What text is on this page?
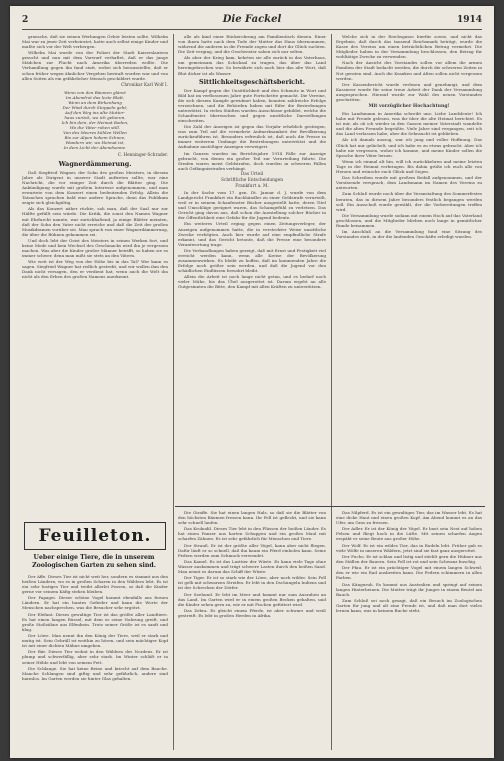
2	Die Fackel	1914

grausche, daß sie seinen Werbungen Gehör leisten sollte. Wilhelm Mai war zu jener Zeit verheiratet, hatte auch selbst einige Kinder und mußte sich vor der Welt verbergen.

Wilhelm Mai wurde von der Polizei der Stadt Kaiserslautern gesucht und nun mit dem Vorwurf verhaftet, daß er das junge Mädchen zur Flucht nach Amerika überreden wollte. Die Verhandlung gegen ihn fand statt, wobei sich herausstellte, daß er schon früher wegen ähnlicher Vergehen bestraft worden war und von allen Seiten als ein gefährlicher Mensch geschildert wurde.

Chronikar Karl Wolf I.
Wenn von den Bäumen glänzt
Im Abendrot das lezte Blatt,
Wenn an dem Birkenhang
Der Wind durch Stoppeln geht;
Auf den Weg ins alte Mutter-
haus zurück, wo ich geboren,
Ich bin dein, der Heimat Boden,
Wo die Väter ruhen still.
Von des Meeres kühlen Wellen
Bis zur Alpen hohem Schnee,
Wandern wir, wo Heimat ist,
In dem Licht der Abendsonne.
C. Henninger-Schrader.
Wagnerdämmerung.

Daß Siegfried Wagner, der Sohn des großen Meisters, in diesem Jahre als Dirigent in unserer Stadt auftreten sollte, war eine Nachricht, die vor einiger Zeit durch die Blätter ging. Die Ankündigung wurde mit großem Interesse aufgenommen, und man erwartete von dem Konzert einen bedeutenden Erfolg. Allein die Tatsachen sprachen bald eine andere Sprache, denn das Publikum zeigte sich gleichgültig.

Als das Konzert näher rückte, sah man, daß der Saal nur zur Hälfte gefüllt sein würde. Die Kritik, die sonst den Namen Wagner mit Ehrfurcht nannte, war zurückhaltend, ja einige Blätter meinten, daß der Sohn den Vater nicht erreiche und daß die Zeit der großen Musikdramen vorüber sei. Man sprach von einer Wagnerdämmerung, die über die Bühnen gekommen sei.

Und doch lebt der Geist des Meisters in seinen Werken fort, und keine Mode und kein Wechsel des Geschmacks wird ihn je vergessen machen. Was aber die Kinder großer Männer betrifft, so haben sie es immer schwer, denn man mißt sie stets an den Vätern.

Wie weit ist der Weg von der Höhe bis in das Tal? Wer kann es sagen. Siegfried Wagner hat redlich gestrebt, und wir wollen ihm den Dank nicht versagen, den er verdient hat, wenn auch die Welt ihn nicht als den Erben des großen Namens anerkennt.

alle als kind einer Rückerobrung am Familientisch dienen. Einer von ihnen hatte nach dem Tode der Mutter das Haus übernommen, während die anderen in die Fremde zogen und dort ihr Glück suchten. Die Zeit verging, und die Geschwister sahen sich nur selten.

Als aber der Krieg kam, kehrten sie alle zurück in das Vaterhaus, um gemeinsam das Schicksal zu tragen, das über das Land hereingebrochen war. So bewährte sich auch hier das alte Wort, daß Blut dicker ist als Wasser.

Sittlichkeitsgeschäftsbericht.

Der Kampf gegen die Unsittlichkeit und den Schmutz in Wort und Bild hat im verflossenen Jahre gute Fortschritte gemacht. Die Vereine, die sich diesem Kampfe gewidmet haben, konnten zahlreiche Erfolge verzeichnen, und die Behörden haben mit Eifer die Bestrebungen unterstützt. In vielen Städten wurden Ausschüsse gebildet, welche die Schaufenster überwachen und gegen unsittliche Darstellungen einschreiten.

Die Zahl der Anzeigen ist gegen das Vorjahr erheblich gestiegen, was zum Teil auf die vermehrte Aufmerksamkeit der Bevölkerung zurückzuführen ist. Besonders erfreulich ist, daß auch die Presse in immer weiterem Umfange die Bestrebungen unterstützt und die Aufnahme anstößiger Anzeigen verweigert.

Im Ganzen wurden im Berichtsjahre 1914 Fälle zur Anzeige gebracht, von denen ein großer Teil zur Verurteilung führte. Die Strafen waren meist Geldstrafen, doch wurden in schweren Fällen auch Gefängnisstrafen verhängt.

Das Urteil
Schriftliche Entscheidungen
Frankfurt a. M.

In der Sache vom 17. gen. Dt. Januar d. J. wurde von dem Landgericht Frankfurt ein Buchhändler zu einer Geldstrafe verurteilt, weil er in seinem Schaufenster Bücher ausgestellt hatte, deren Titel und Umschläge geeignet waren, das Schamgefühl zu verletzen. Das Gericht ging davon aus, daß schon die Ausstellung solcher Bücher in der Öffentlichkeit eine Gefahr für die Jugend bedeute.

Ein weiteres Urteil erging gegen einen Zeitungsverleger, der Anzeigen aufgenommen hatte, die in versteckter Weise unsittliche Zwecke verfolgten. Auch hier wurde auf eine empfindliche Strafe erkannt, und das Gericht betonte, daß die Presse eine besondere Verantwortung trage.

Die Verhandlungen haben gezeigt, daß mit Ernst und Festigkeit viel erreicht werden kann, wenn alle Kreise der Bevölkerung zusammenwirken. Es bleibt zu hoffen, daß im kommenden Jahre die Erfolge noch größer sein werden, und daß die Jugend vor den schädlichen Einflüssen bewahrt bleibt.

Allein die Arbeit ist noch lange nicht getan, und es bedarf noch vieler Mühe, bis das Übel ausgerottet ist. Darum ergeht an alle Gutgesinnten die Bitte, den Kampf mit allen Kräften zu unterstützen.

Welche sich in der Reichsgasse hierfür sowie, und nicht das Ergebnis, daß durch das tausend Reichsmark beträgt, wurde die Kasse des Vereins um einen beträchtlichen Betrag vermehrt. Die Mitglieder haben in der Versammlung beschlossen, den Betrag für wohltätige Zwecke zu verwenden.

Nach der Ansicht des Vorstandes sollen vor allem die armen Familien der Stadt bedacht werden, die durch die schweren Zeiten in Not geraten sind. Auch die Kranken und Alten sollen nicht vergessen werden.

Der Kassenbericht wurde verlesen und genehmigt, und dem Kassierer wurde für seine treue Arbeit der Dank der Versammlung ausgesprochen. Hierauf wurde zur Wahl des neuen Vorstandes geschritten.

Mit vorzüglicher Hochachtung!

Ein Landsmann in Amerika schreibt uns: Liebe Landsleute! Ich habe mit Freude gelesen, was ihr über die alte Heimat berichtet. Es ist mir, als ob ich wieder in den Gassen meiner Vaterstadt wandelte und die alten Freunde begrüßte. Viele Jahre sind vergangen, seit ich das Land verlassen habe, aber die Sehnsucht ist geblieben.

Als ich damals auszog, war ich jung und voller Hoffnung. Das Glück hat mir gelächelt, und ich habe es zu etwas gebracht. Aber ich habe nie vergessen, woher ich komme, und meine Kinder sollen die Sprache ihrer Väter lernen.

Wenn ich einmal alt bin, will ich zurückkehren und meine letzten Tage in der Heimat verbringen. Bis dahin grüße ich euch alle von Herzen und wünsche euch Glück und Segen.

Das Schreiben wurde mit großem Beifall aufgenommen, und der Vorsitzende versprach, dem Landsmann im Namen des Vereins zu antworten.

Zum Schluß wurde noch über die Veranstaltung des Sommerfestes beraten, das in diesem Jahre besonders festlich begangen werden soll. Ein Ausschuß wurde gewählt, der die Vorbereitungen treffen wird.

Die Versammlung wurde sodann mit einem Hoch auf das Vaterland geschlossen, und die Mitglieder blieben noch lange in gemütlicher Runde beisammen.

Im Anschluß an die Versammlung fand eine Sitzung des Vorstandes statt, in der die laufenden Geschäfte erledigt wurden.

Feuilleton.
Ueber einige Tiere, die in unserem Zoologischen Garten zu sehen sind.

Der Affe. Dieses Tier ist nicht weit her, sondern es stammt aus den heißen Ländern, wo es in großen Scharen in den Wäldern lebt. Es ist ein sehr lustiges Tier und treibt allerlei Possen, so daß die Kinder gerne vor seinem Käfig stehen bleiben.

Der Papagei. Dieser schöne Vogel kommt ebenfalls aus fernen Ländern. Er hat ein buntes Gefieder und kann die Worte der Menschen nachsprechen, was die Besucher sehr ergötzt.

Der Elefant. Dieses gewaltige Tier ist das größte aller Landtiere. Es hat einen langen Rüssel, mit dem es seine Nahrung greift, und große Stoßzähne aus Elfenbein. Trotz seiner Größe ist es sanft und klug.

Der Löwe. Man nennt ihn den König der Tiere, weil er stark und mutig ist. Sein Gebrüll ist weithin zu hören, und sein mächtiger Kopf ist mit einer dichten Mähne umgeben.

Der Bär. Dieses Tier wohnt in den Wäldern des Nordens. Er ist plump und schwerfällig, aber sehr stark. Im Winter schläft er in seiner Höhle und lebt von seinem Fett.

Die Schlange. Sie hat keine Beine und kriecht auf dem Bauche. Manche Schlangen sind giftig und sehr gefährlich, andere sind harmlos. Im Garten werden sie hinter Glas gehalten.

Die Giraffe. Sie hat einen langen Hals, so daß sie die Blätter von den höchsten Bäumen fressen kann. Ihr Fell ist gefleckt, und sie kann sehr schnell laufen.

Das Krokodil. Dieses Tier lebt in den Flüssen der heißen Länder. Es hat einen Panzer aus harten Schuppen und ein großes Maul mit scharfen Zähnen. Es ist sehr gefährlich für Menschen und Tiere.

Der Strauß. Er ist der größte aller Vögel, kann aber nicht fliegen. Dafür läuft er so schnell, daß ihn kaum ein Pferd einholen kann. Seine Federn werden zum Schmuck verwendet.

Das Kamel. Es ist das Lasttier der Wüste. Es kann viele Tage ohne Wasser auskommen und trägt schwere Lasten durch den heißen Sand. Man nennt es darum das Schiff der Wüste.

Der Tiger. Er ist so stark wie der Löwe, aber noch wilder. Sein Fell ist gelb mit schwarzen Streifen. Er lebt in den Dschungeln Indiens und ist der Schrecken der Dörfer.

Der Seehund. Er lebt im Meer und kommt nur zum Ausruhen an das Land. Im Garten wird er in einem großen Becken gehalten, und die Kinder sehen gern zu, wie er mit Fischen gefüttert wird.

Das Zebra. Es gleicht einem Pferde, ist aber schwarz und weiß gestreift. Es lebt in großen Herden in Afrika.

Das Nilpferd. Es ist ein gewaltiges Tier, das im Wasser lebt. Es hat eine dicke Haut und einen großen Kopf. Am Abend kommt es an das Ufer, um Gras zu fressen.

Der Adler. Er ist der König der Vögel. Er baut sein Nest auf hohen Felsen und fliegt hoch in die Lüfte. Mit seinen scharfen Augen erspäht er seine Beute aus großer Höhe.

Der Wolf. Er ist ein wildes Tier, das in Rudeln lebt. Früher gab es viele Wölfe in unseren Wäldern, jetzt sind sie fast ganz ausgerottet.

Der Fuchs. Er ist schlau und listig und stiehlt gern die Hühner aus den Ställen der Bauern. Sein Fell ist rot und sein Schwanz buschig.

Der Pfau. Er ist ein prächtiger Vogel mit einem langen Schweif, den er wie ein Rad ausbreiten kann. Die Federn schimmern in allen Farben.

Das Känguruh. Es kommt aus Australien und springt auf seinen langen Hinterbeinen. Die Mutter trägt ihr Junges in einem Beutel am Bauch.

Zum Schluß sei noch gesagt, daß ein Besuch im Zoologischen Garten für jung und alt eine Freude ist, und daß man dort vieles lernen kann, was in keinem Buche steht.
